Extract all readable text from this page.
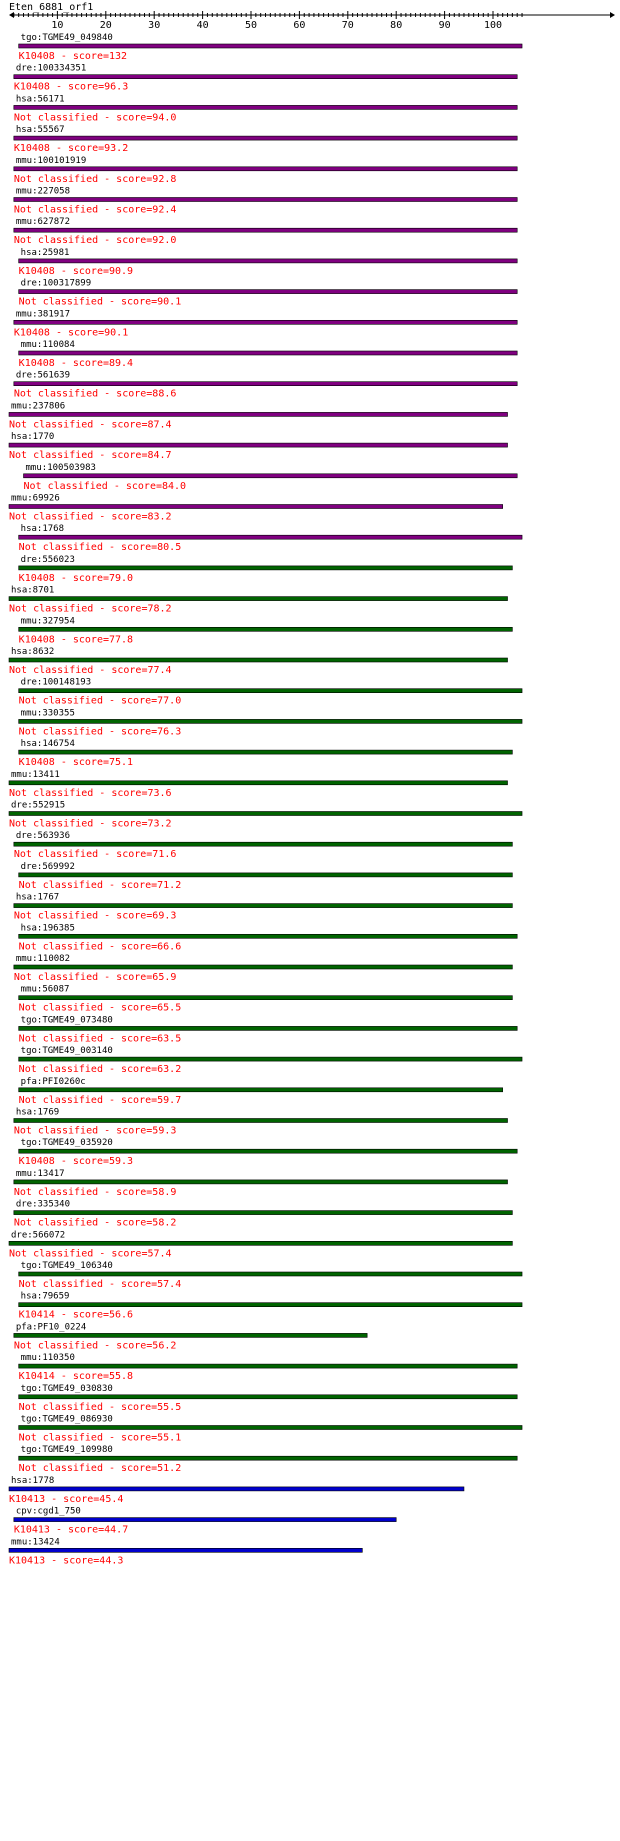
Eten_6881_orf1
10	20	30	40	50	60	70	80	90	100
tgo:TGME49_049840
K10408 - score=132
dre:100334351
K10408 - score=96.3
hsa:56171
Not classified - score=94.0
hsa:55567
K10408 - score=93.2
mmu:100101919
Not classified - score=92.8
mmu:227058
Not classified - score=92.4
mmu:627872
Not classified - score=92.0
hsa:25981
K10408 - score=90.9
dre:100317899
Not classified - score=90.1
mmu:381917
K10408 - score=90.1
mmu:110084
K10408 - score=89.4
dre:561639
Not classified - score=88.6
mmu:237806
Not classified - score=87.4
hsa:1770
Not classified - score=84.7
mmu:100503983
Not classified - score=84.0
mmu:69926
Not classified - score=83.2
hsa:1768
Not classified - score=80.5
dre:556023
K10408 - score=79.0
hsa:8701
Not classified - score=78.2
mmu:327954
K10408 - score=77.8
hsa:8632
Not classified - score=77.4
dre:100148193
Not classified - score=77.0
mmu:330355
Not classified - score=76.3
hsa:146754
K10408 - score=75.1
mmu:13411
Not classified - score=73.6
dre:552915
Not classified - score=73.2
dre:563936
Not classified - score=71.6
dre:569992
Not classified - score=71.2
hsa:1767
Not classified - score=69.3
hsa:196385
Not classified - score=66.6
mmu:110082
Not classified - score=65.9
mmu:56087
Not classified - score=65.5
tgo:TGME49_073480
Not classified - score=63.5
tgo:TGME49_003140
Not classified - score=63.2
pfa:PFI0260c
Not classified - score=59.7
hsa:1769
Not classified - score=59.3
tgo:TGME49_035920
K10408 - score=59.3
mmu:13417
Not classified - score=58.9
dre:335340
Not classified - score=58.2
dre:566072
Not classified - score=57.4
tgo:TGME49_106340
Not classified - score=57.4
hsa:79659
K10414 - score=56.6
pfa:PF10_0224
Not classified - score=56.2
mmu:110350
K10414 - score=55.8
tgo:TGME49_030830
Not classified - score=55.5
tgo:TGME49_086930
Not classified - score=55.1
tgo:TGME49_109980
Not classified - score=51.2
hsa:1778
K10413 - score=45.4
cpv:cgd1_750
K10413 - score=44.7
mmu:13424
K10413 - score=44.3
